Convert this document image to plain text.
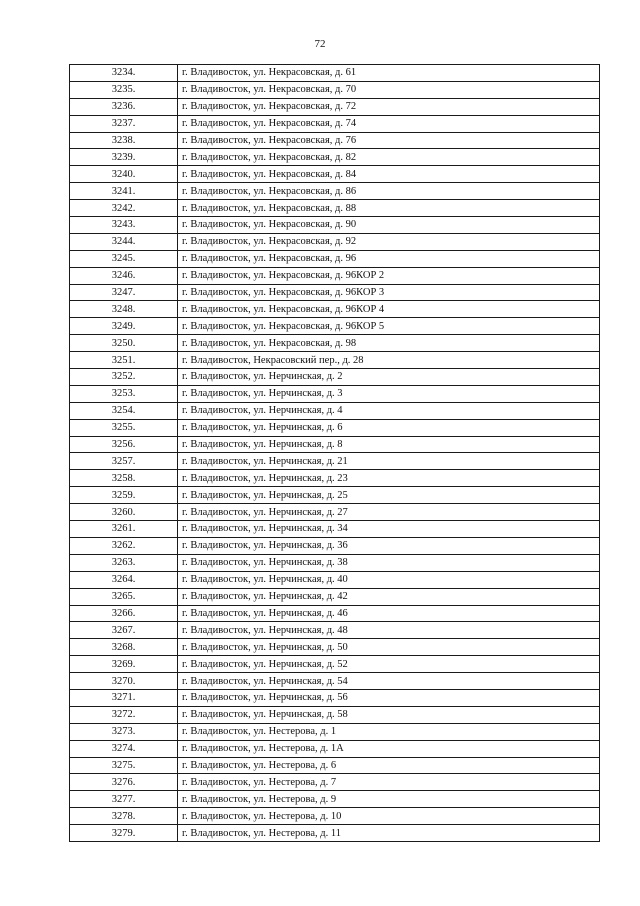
72
3234.	г. Владивосток, ул. Некрасовская, д. 61
3235.	г. Владивосток, ул. Некрасовская, д. 70
3236.	г. Владивосток, ул. Некрасовская, д. 72
3237.	г. Владивосток, ул. Некрасовская, д. 74
3238.	г. Владивосток, ул. Некрасовская, д. 76
3239.	г. Владивосток, ул. Некрасовская, д. 82
3240.	г. Владивосток, ул. Некрасовская, д. 84
3241.	г. Владивосток, ул. Некрасовская, д. 86
3242.	г. Владивосток, ул. Некрасовская, д. 88
3243.	г. Владивосток, ул. Некрасовская, д. 90
3244.	г. Владивосток, ул. Некрасовская, д. 92
3245.	г. Владивосток, ул. Некрасовская, д. 96
3246.	г. Владивосток, ул. Некрасовская, д. 96КОР 2
3247.	г. Владивосток, ул. Некрасовская, д. 96КОР 3
3248.	г. Владивосток, ул. Некрасовская, д. 96КОР 4
3249.	г. Владивосток, ул. Некрасовская, д. 96КОР 5
3250.	г. Владивосток, ул. Некрасовская, д. 98
3251.	г. Владивосток, Некрасовский пер., д. 28
3252.	г. Владивосток, ул. Нерчинская, д. 2
3253.	г. Владивосток, ул. Нерчинская, д. 3
3254.	г. Владивосток, ул. Нерчинская, д. 4
3255.	г. Владивосток, ул. Нерчинская, д. 6
3256.	г. Владивосток, ул. Нерчинская, д. 8
3257.	г. Владивосток, ул. Нерчинская, д. 21
3258.	г. Владивосток, ул. Нерчинская, д. 23
3259.	г. Владивосток, ул. Нерчинская, д. 25
3260.	г. Владивосток, ул. Нерчинская, д. 27
3261.	г. Владивосток, ул. Нерчинская, д. 34
3262.	г. Владивосток, ул. Нерчинская, д. 36
3263.	г. Владивосток, ул. Нерчинская, д. 38
3264.	г. Владивосток, ул. Нерчинская, д. 40
3265.	г. Владивосток, ул. Нерчинская, д. 42
3266.	г. Владивосток, ул. Нерчинская, д. 46
3267.	г. Владивосток, ул. Нерчинская, д. 48
3268.	г. Владивосток, ул. Нерчинская, д. 50
3269.	г. Владивосток, ул. Нерчинская, д. 52
3270.	г. Владивосток, ул. Нерчинская, д. 54
3271.	г. Владивосток, ул. Нерчинская, д. 56
3272.	г. Владивосток, ул. Нерчинская, д. 58
3273.	г. Владивосток, ул. Нестерова, д. 1
3274.	г. Владивосток, ул. Нестерова, д. 1А
3275.	г. Владивосток, ул. Нестерова, д. 6
3276.	г. Владивосток, ул. Нестерова, д. 7
3277.	г. Владивосток, ул. Нестерова, д. 9
3278.	г. Владивосток, ул. Нестерова, д. 10
3279.	г. Владивосток, ул. Нестерова, д. 11
